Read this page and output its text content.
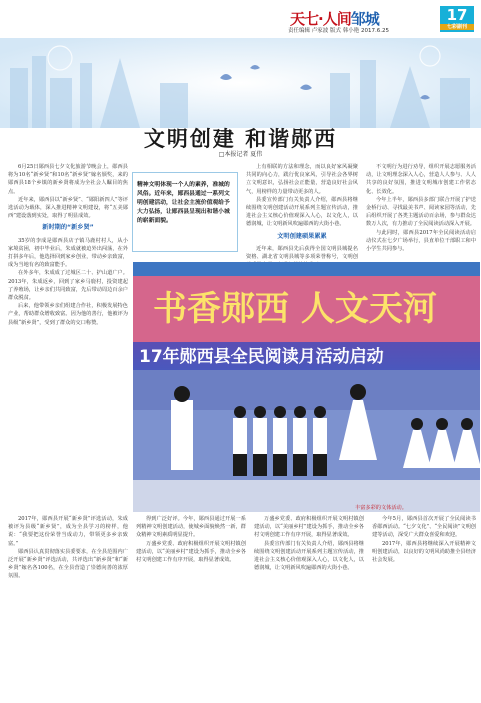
天七·人间邹城
责任编辑 卢家波 版式 韩小艳 2017.6.25
17
七彩副刊
文明创建 和谐郧西
□本报记者 夏伟

6月25日郧西县七夕文化旅游节晚会上，郧西县将为10名“新乡贤”和10名“新乡贤”嫁名颁奖，来的郧西县18个乡镇的新乡贤将成为全社会人瞩目的焦点。

近年来，郧西县以“新乡贤”、“郧阳新四人”等评选活动为载体，深入推进精神文明建设，将“五美郧西”建设落到实处，取得了明显成效。

新时期的“新乡贤”

35岁的李成是郧西县店子镇马鹿村村人，从小家境贫困，初中毕业后，朱成就被迫外出闯荡，在外打拼多年后，他选择回到家乡创业，带动乡亲致富，成为当地有名的致富能手。

在外多年，朱成成了过城区二十、护山道广户。2013年，朱成返乡，回到了家乡马鹿村，投资建起了养殖场，让乡亲们共同致富，先后带动周边百余户群众脱贫。

后来，他带领乡亲们组建合作社，积极发展特色产业，帮助群众增收致富。因为他的善行，他被评为县级“新乡贤”，受到了群众的交口称赞。

精神文明体现一个人的素养，准城的风俗。近年来，郧西县通过一系列文明创建活动，让社会主流价值观给予大力弘扬，让郧西县呈现出和谐小城的崭新面貌。

上有相联的方法和理念，而以良好家风凝聚共同的向心力，践行优良家风，引导社会各界树立文明意识，弘扬社会正能量，营造良好社会风气，用榜样的力量带动更多的人。

县委宣传部门有关负责人介绍，郧西县将继续围绕文明创建活动开展系列主题宣传活动，推进社会主义核心价值观深入人心，以文化人，以德润城，让文明新风吹遍郧西的大街小巷。

文明创建硕果累累

近年来，郧西县先后获得全国文明县城提名资格、湖北省文明县城等多项荣誉称号，文明创

不文明行为进行劝导，组织开展志愿服务活动，让文明理念深入人心，营造人人参与、人人共享的良好氛围，推进文明城市创建工作常态化、长效化。

今年上半年，郧西县多部门联合开展了护送金桥行动、寻找最美书声、阅读家园等活动，先后组织开展了各类主题活动百余场，参与群众达数万人次，有力推动了全民阅读活动深入开展。

与此同时，郧西县2017年全民阅读活动启动仪式在七夕广场举行，县直单位干部职工和中小学生共同参与。

书香郧西 人文天河
17年郧西县全民阅读月活动启动
丰富多彩的文体活动。

2017年，郧西县开展“新乡贤”评选活动，朱成被评为县级“新乡贤”，成为全县学习的榜样，他说：“我要把这份荣誉当成动力，带领更多乡亲致富。”

郧西县认真贯彻落实县委要求，在全县范围内广泛开展“新乡贤”评选活动，共评选出“新乡贤”和“新乡贤”嫁名各100名，在全县营造了崇德向善的浓厚氛围。

得到广泛好评。今年，郧西县通过开展一系列精神文明创建活动，使城乡面貌焕然一新，群众精神文明素质明显提升。

万盛乡党委、政府积极组织开展文明村镇创建活动，以“美丽乡村”建设为抓手，推动全乡各村文明创建工作有序开展，取得显著成效。

万盛乡党委、政府积极组织开展文明村镇创建活动，以“美丽乡村”建设为抓手，推动全乡各村文明创建工作有序开展，取得显著成效。

县委宣传部门有关负责人介绍，郧西县将继续围绕文明创建活动开展系列主题宣传活动，推进社会主义核心价值观深入人心，以文化人，以德润城，让文明新风吹遍郧西的大街小巷。

今年5月，郧西县首次开展了全民阅读书香郧西活动。“七夕文化”、“全民阅读”文明创建等活动，深受广大群众喜爱和欢迎。

2017年，郧西县将继续深入开展精神文明创建活动，以良好的文明风尚助推全县经济社会发展。
